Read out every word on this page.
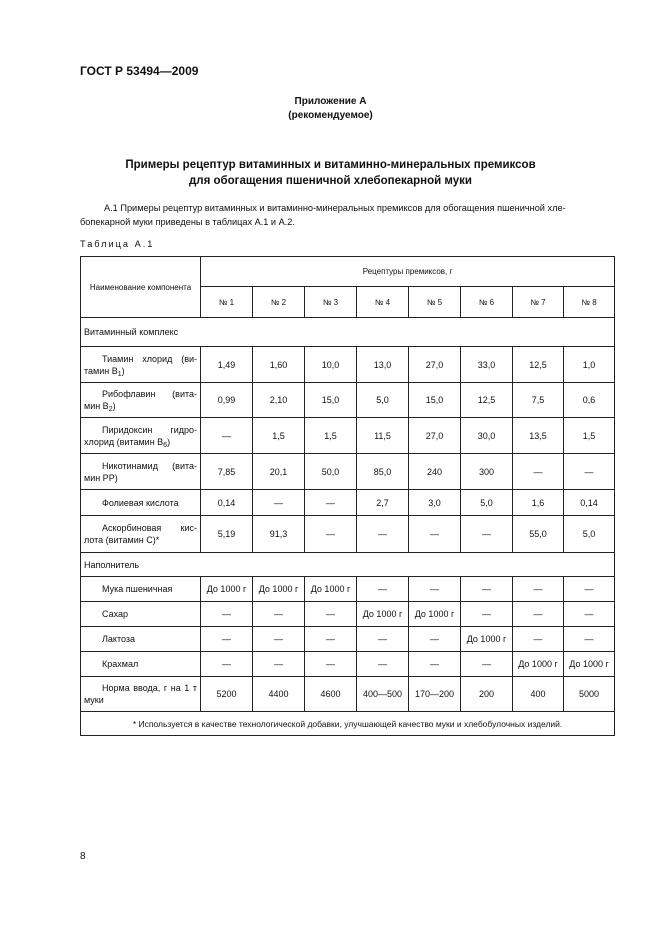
ГОСТ Р 53494—2009
Приложение А
(рекомендуемое)
Примеры рецептур витаминных и витаминно-минеральных премиксов
для обогащения пшеничной хлебопекарной муки
А.1 Примеры рецептур витаминных и витаминно-минеральных премиксов для обогащения пшеничной хле-
бопекарной муки приведены в таблицах А.1 и А.2.
Таблица А.1
Наименование компонента	Рецептуры премиксов, г							
	№ 1	№ 2	№ 3	№ 4	№ 5	№ 6	№ 7	№ 8
Витаминный комплекс								
Тиамин хлорид (ви-тамин $В_1$)	1,49	1,60	10,0	13,0	27,0	33,0	12,5	1,0
Рибофлавин (вита-мин $В_2$)	0,99	2,10	15,0	5,0	15,0	12,5	7,5	0,6
Пиридоксин гидро-хлорид (витамин $В_6$)	—	1,5	1,5	11,5	27,0	30,0	13,5	1,5
Никотинамид (вита-мин РР)	7,85	20,1	50,0	85,0	240	300	—	—
Фолиевая кислота	0,14	—	—	2,7	3,0	5,0	1,6	0,14
Аскорбиновая кис-лота (витамин С)*	5,19	91,3	—	—	—	—	55,0	5,0
Наполнитель								
Мука пшеничная	До 1000 г	До 1000 г	До 1000 г	—	—	—	—	—
Сахар	—	—	—	До 1000 г	До 1000 г	—	—	—
Лактоза	—	—	—	—	—	До 1000 г	—	—
Крахмал	—	—	—	—	—	—	До 1000 г	До 1000 г
Норма ввода, г на 1 т муки	5200	4400	4600	400—500	170—200	200	400	5000
* Используется в качестве технологической добавки, улучшающей качество муки и хлебобулочных изделий.								
8
